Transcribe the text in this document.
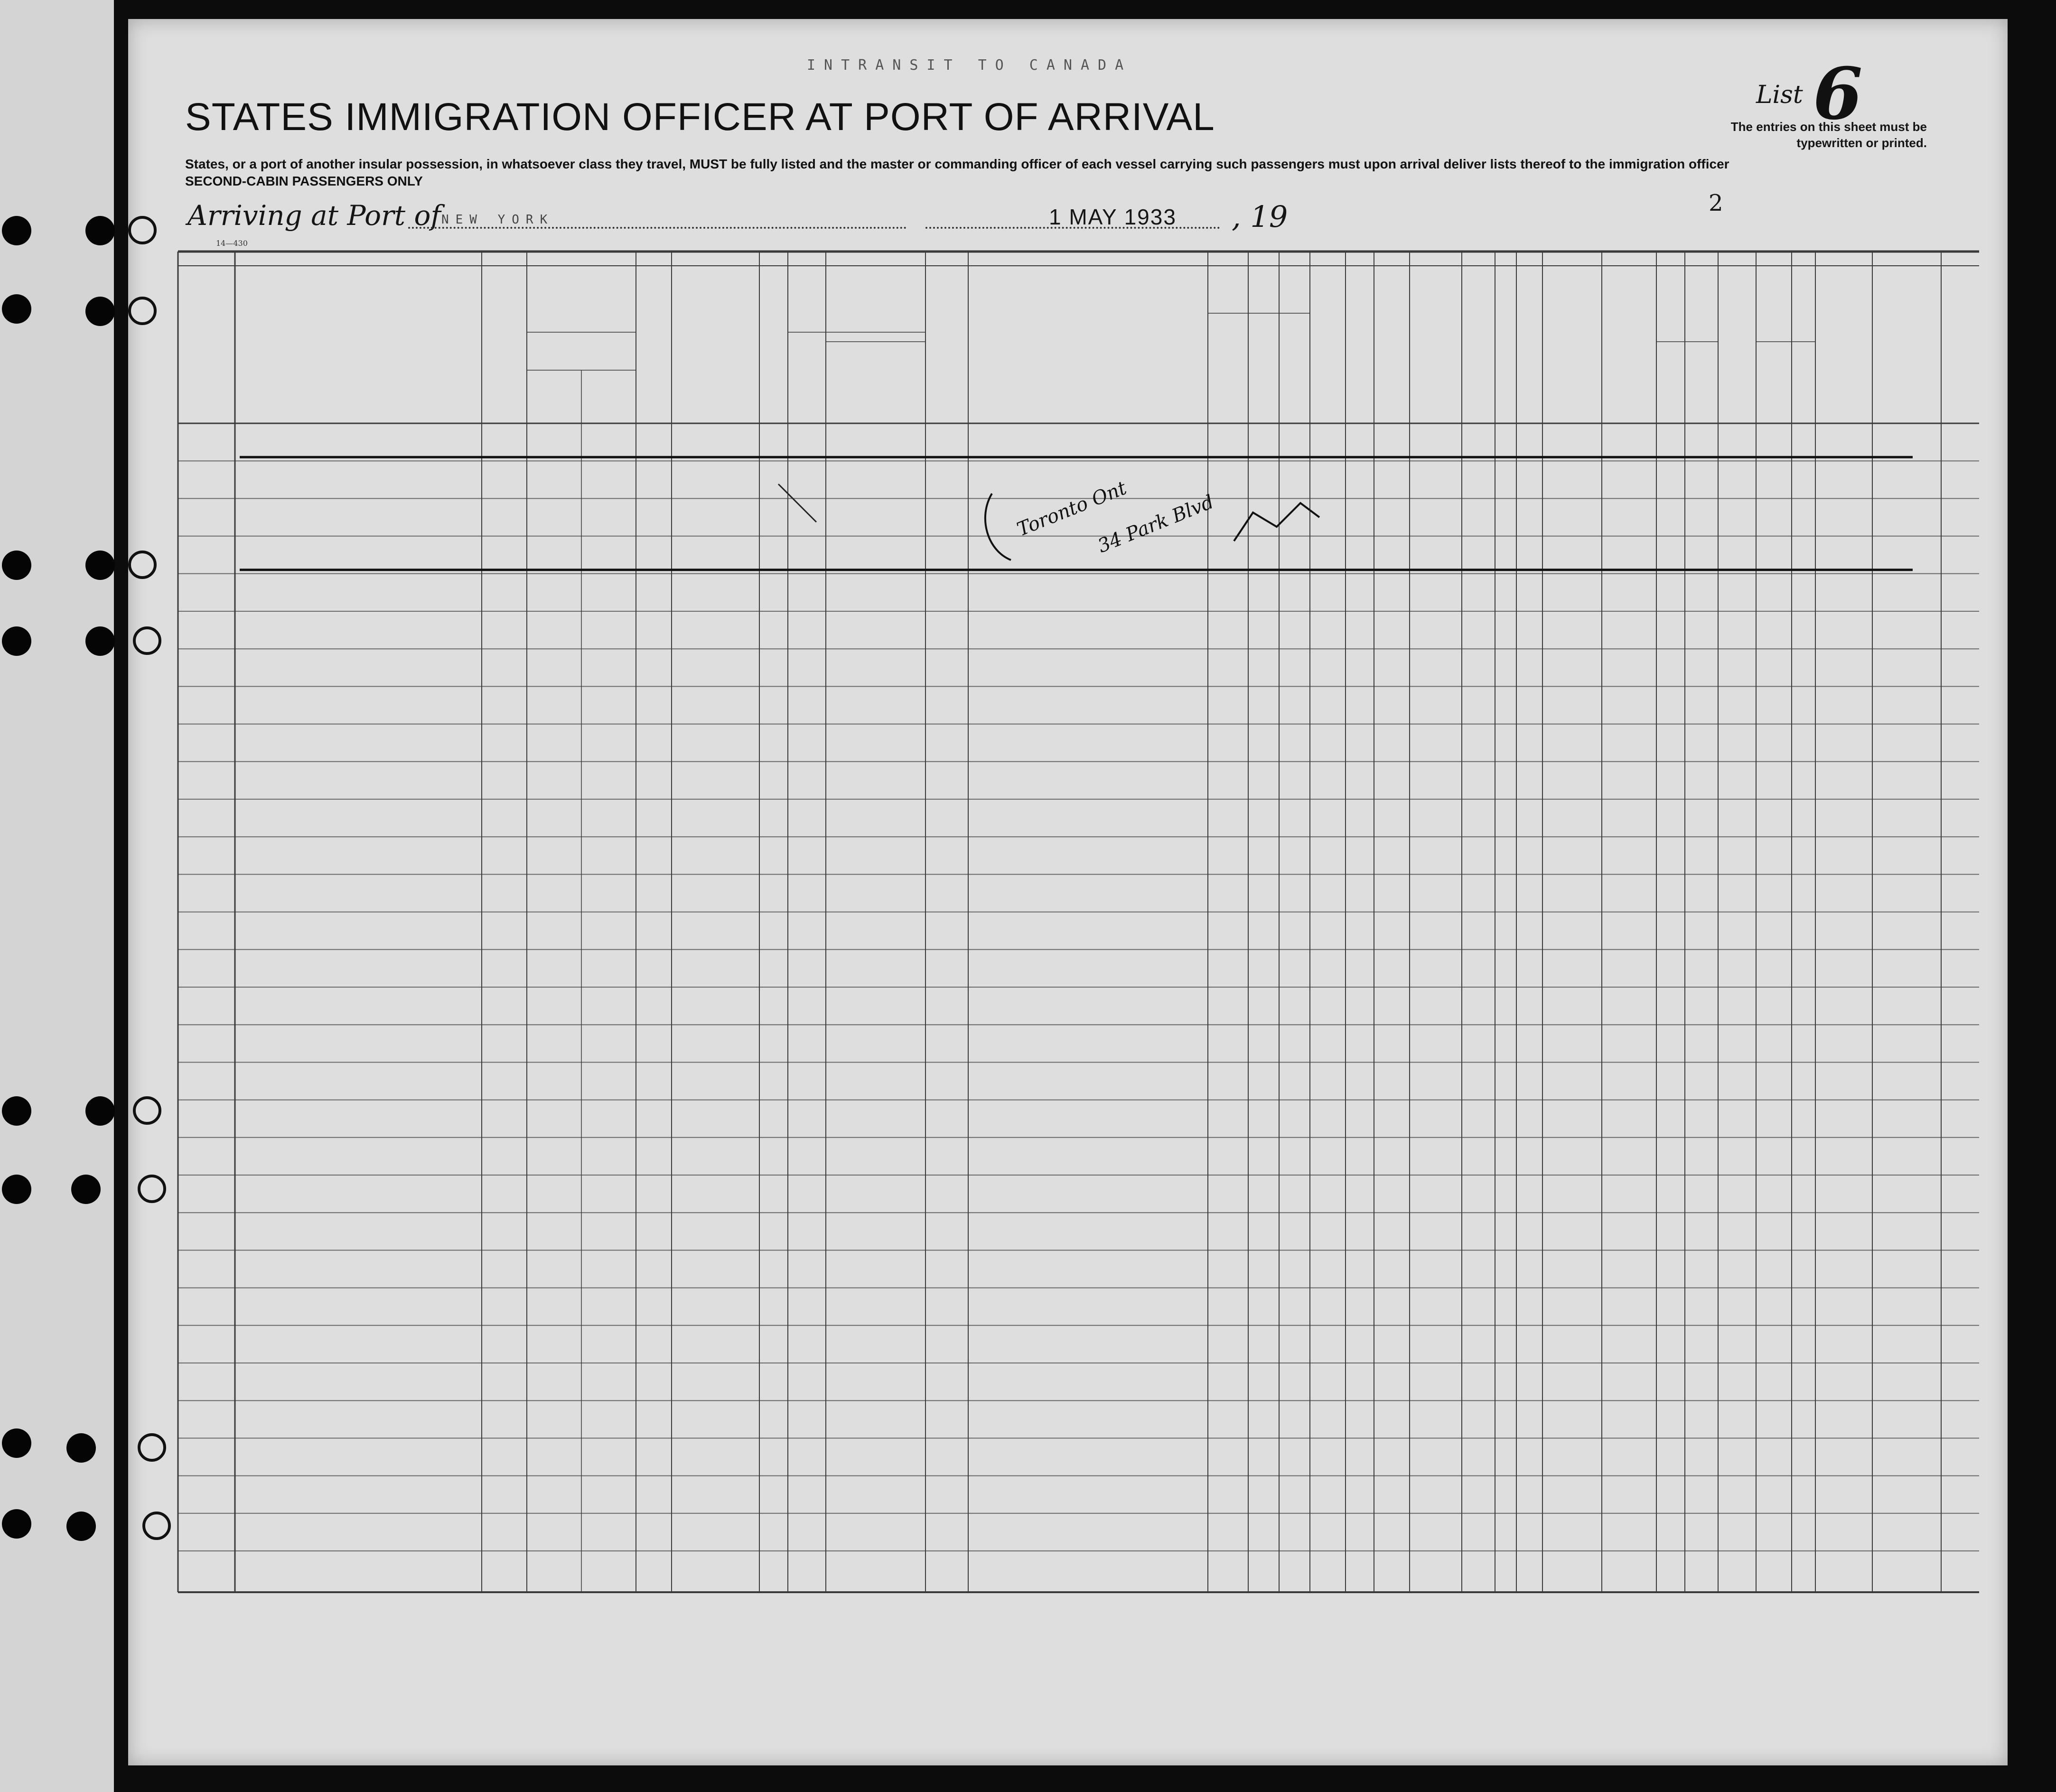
INTRANSIT TO CANADA
STATES IMMIGRATION OFFICER AT PORT OF ARRIVAL
States, or a port of another insular possession, in whatsoever class they travel, MUST be fully listed and the master or commanding officer of each vessel carrying such passengers must upon arrival deliver lists thereof to the immigration officer
SECOND-CABIN PASSENGERS ONLY
List 6
The entries on this sheet must be typewritten or printed.
Arriving at Port of NEW YORK	1 MAY 1933 , 19	2
14—430
Toronto Ont
34 Park Blvd
